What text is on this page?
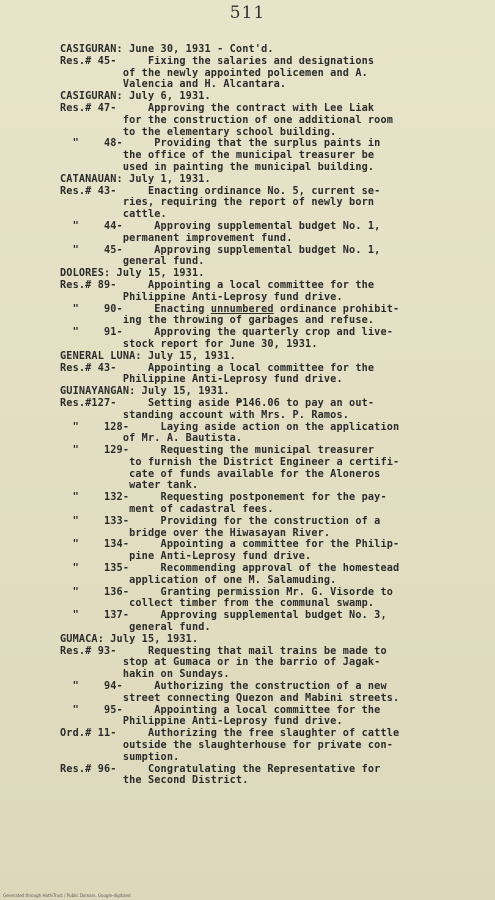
511
CASIGURAN: June 30, 1931 - Cont'd.
Res.# 45-     Fixing the salaries and designations
of the newly appointed policemen and A.
Valencia and H. Alcantara.
CASIGURAN: July 6, 1931.
Res.# 47-     Approving the contract with Lee Liak
for the construction of one additional room
to the elementary school building.
"    48-     Providing that the surplus paints in
the office of the municipal treasurer be
used in painting the municipal building.
CATANAUAN: July 1, 1931.
Res.# 43-     Enacting ordinance No. 5, current se-
ries, requiring the report of newly born
cattle.
"    44-     Approving supplemental budget No. 1,
permanent improvement fund.
"    45-     Approving supplemental budget No. 1,
general fund.
DOLORES: July 15, 1931.
Res.# 89-     Appointing a local committee for the
Philippine Anti-Leprosy fund drive.
"    90-     Enacting unnumbered ordinance prohibit-
ing the throwing of garbages and refuse.
"    91-     Approving the quarterly crop and live-
stock report for June 30, 1931.
GENERAL LUNA: July 15, 1931.
Res.# 43-     Appointing a local committee for the
Philippine Anti-Leprosy fund drive.
GUINAYANGAN: July 15, 1931.
Res.#127-     Setting aside ₱146.06 to pay an out-
standing account with Mrs. P. Ramos.
"    128-     Laying aside action on the application
of Mr. A. Bautista.
"    129-     Requesting the municipal treasurer
to furnish the District Engineer a certifi-
cate of funds available for the Aloneros
water tank.
"    132-     Requesting postponement for the pay-
ment of cadastral fees.
"    133-     Providing for the construction of a
bridge over the Hiwasayan River.
"    134-     Appointing a committee for the Philip-
pine Anti-Leprosy fund drive.
"    135-     Recommending approval of the homestead
application of one M. Salamuding.
"    136-     Granting permission Mr. G. Visorde to
collect timber from the communal swamp.
"    137-     Approving supplemental budget No. 3,
general fund.
GUMACA: July 15, 1931.
Res.# 93-     Requesting that mail trains be made to
stop at Gumaca or in the barrio of Jagak-
hakin on Sundays.
"    94-     Authorizing the construction of a new
street connecting Quezon and Mabini streets.
"    95-     Appointing a local committee for the
Philippine Anti-Leprosy fund drive.
Ord.# 11-     Authorizing the free slaughter of cattle
outside the slaughterhouse for private con-
sumption.
Res.# 96-     Congratulating the Representative for
the Second District.
Generated through HathiTrust / Public Domain, Google-digitized
